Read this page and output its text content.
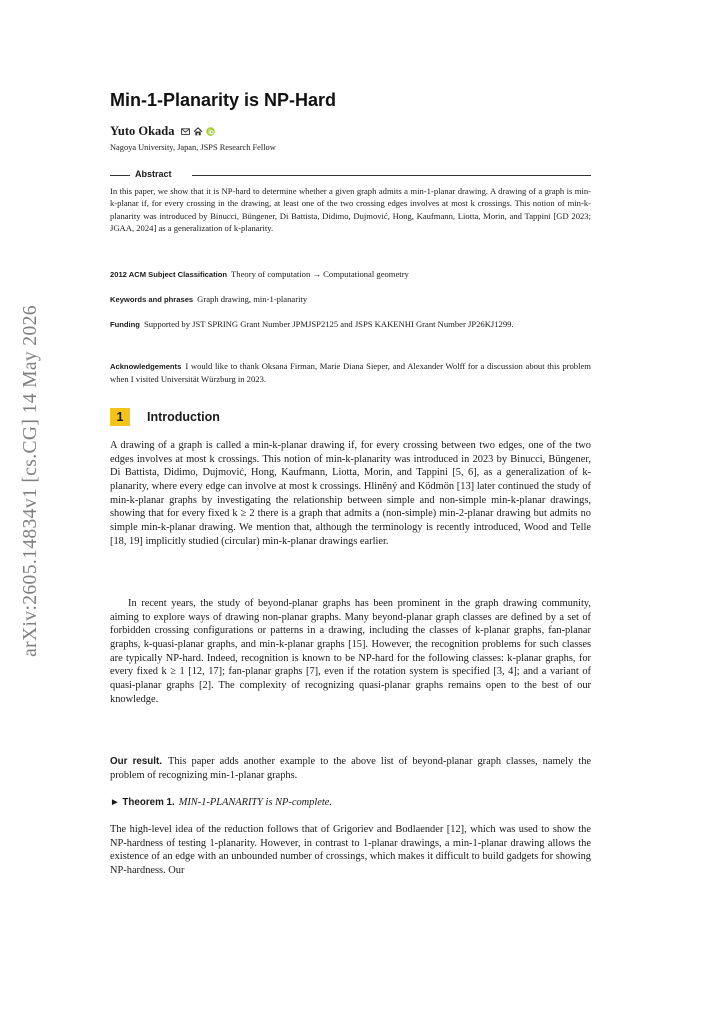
arXiv:2605.14834v1 [cs.CG] 14 May 2026
Min-1-Planarity is NP-Hard
Yuto Okada
Nagoya University, Japan, JSPS Research Fellow
Abstract

In this paper, we show that it is NP-hard to determine whether a given graph admits a min-1-planar drawing. A drawing of a graph is min-k-planar if, for every crossing in the drawing, at least one of the two crossing edges involves at most k crossings. This notion of min-k-planarity was introduced by Binucci, Büngener, Di Battista, Didimo, Dujmović, Hong, Kaufmann, Liotta, Morin, and Tappini [GD 2023; JGAA, 2024] as a generalization of k-planarity.

2012 ACM Subject Classification Theory of computation → Computational geometry

Keywords and phrases Graph drawing, min-1-planarity

Funding Supported by JST SPRING Grant Number JPMJSP2125 and JSPS KAKENHI Grant Number JP26KJ1299.

Acknowledgements I would like to thank Oksana Firman, Marie Diana Sieper, and Alexander Wolff for a discussion about this problem when I visited Universität Würzburg in 2023.

1	Introduction

A drawing of a graph is called a min-k-planar drawing if, for every crossing between two edges, one of the two edges involves at most k crossings. This notion of min-k-planarity was introduced in 2023 by Binucci, Büngener, Di Battista, Didimo, Dujmović, Hong, Kaufmann, Liotta, Morin, and Tappini [5, 6], as a generalization of k-planarity, where every edge can involve at most k crossings. Hliněný and Ködmön [13] later continued the study of min-k-planar graphs by investigating the relationship between simple and non-simple min-k-planar drawings, showing that for every fixed k ≥ 2 there is a graph that admits a (non-simple) min-2-planar drawing but admits no simple min-k-planar drawing. We mention that, although the terminology is recently introduced, Wood and Telle [18, 19] implicitly studied (circular) min-k-planar drawings earlier.

In recent years, the study of beyond-planar graphs has been prominent in the graph drawing community, aiming to explore ways of drawing non-planar graphs. Many beyond-planar graph classes are defined by a set of forbidden crossing configurations or patterns in a drawing, including the classes of k-planar graphs, fan-planar graphs, k-quasi-planar graphs, and min-k-planar graphs [15]. However, the recognition problems for such classes are typically NP-hard. Indeed, recognition is known to be NP-hard for the following classes: k-planar graphs, for every fixed k ≥ 1 [12, 17]; fan-planar graphs [7], even if the rotation system is specified [3, 4]; and a variant of quasi-planar graphs [2]. The complexity of recognizing quasi-planar graphs remains open to the best of our knowledge.

Our result. This paper adds another example to the above list of beyond-planar graph classes, namely the problem of recognizing min-1-planar graphs.

► Theorem 1. MIN-1-PLANARITY is NP-complete.

The high-level idea of the reduction follows that of Grigoriev and Bodlaender [12], which was used to show the NP-hardness of testing 1-planarity. However, in contrast to 1-planar drawings, a min-1-planar drawing allows the existence of an edge with an unbounded number of crossings, which makes it difficult to build gadgets for showing NP-hardness. Our
